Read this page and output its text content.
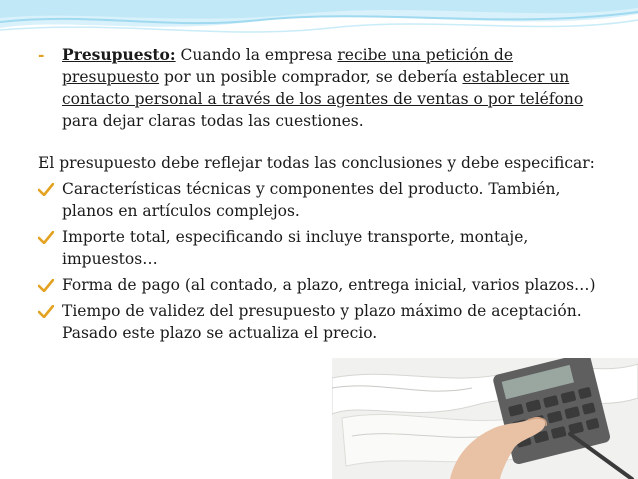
- Presupuesto: Cuando la empresa recibe una petición de presupuesto por un posible comprador, se debería establecer un contacto personal a través de los agentes de ventas o por teléfono para dejar claras todas las cuestiones.
El presupuesto debe reflejar todas las conclusiones y debe especificar:
Características técnicas y componentes del producto. También, planos en artículos complejos.
Importe total, especificando si incluye transporte, montaje, impuestos…
Forma de pago (al contado, a plazo, entrega inicial, varios plazos…)
Tiempo de validez del presupuesto y plazo máximo de aceptación. Pasado este plazo se actualiza el precio.
